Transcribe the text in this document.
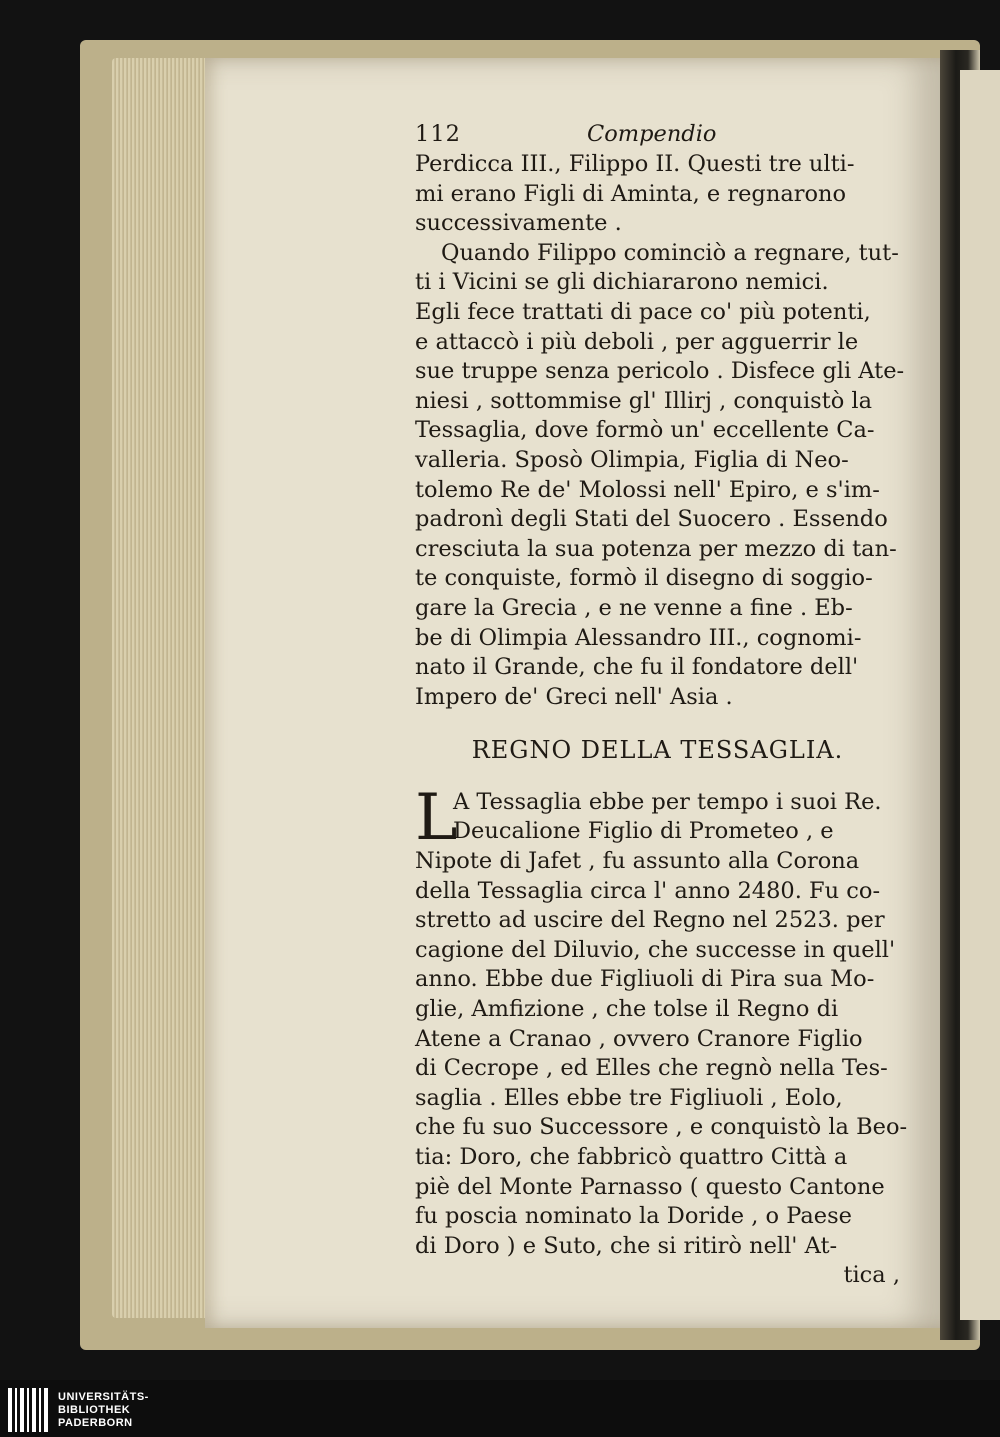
112	Compendio
Perdicca III., Filippo II. Questi tre ulti-
mi erano Figli di Aminta, e regnarono
successivamente .
Quando Filippo cominciò a regnare, tut-
ti i Vicini se gli dichiararono nemici.
Egli fece trattati di pace co' più potenti,
e attaccò i più deboli , per agguerrir le
sue truppe senza pericolo . Disfece gli Ate-
niesi , sottommise gl' Illirj , conquistò la
Tessaglia, dove formò un' eccellente Ca-
valleria. Sposò Olimpia, Figlia di Neo-
tolemo Re de' Molossi nell' Epiro, e s'im-
padronì degli Stati del Suocero . Essendo
cresciuta la sua potenza per mezzo di tan-
te conquiste, formò il disegno di soggio-
gare la Grecia , e ne venne a fine . Eb-
be di Olimpia Alessandro III., cognomi-
nato il Grande, che fu il fondatore dell'
Impero de' Greci nell' Asia .
REGNO DELLA TESSAGLIA.
L
A Tessaglia ebbe per tempo i suoi Re.
Deucalione Figlio di Prometeo , e
Nipote di Jafet , fu assunto alla Corona
della Tessaglia circa l' anno 2480. Fu co-
stretto ad uscire del Regno nel 2523. per
cagione del Diluvio, che successe in quell'
anno. Ebbe due Figliuoli di Pira sua Mo-
glie, Amfizione , che tolse il Regno di
Atene a Cranao , ovvero Cranore Figlio
di Cecrope , ed Elles che regnò nella Tes-
saglia . Elles ebbe tre Figliuoli , Eolo,
che fu suo Successore , e conquistò la Beo-
tia: Doro, che fabbricò quattro Città a
piè del Monte Parnasso ( questo Cantone
fu poscia nominato la Doride , o Paese
di Doro ) e Suto, che si ritirò nell' At-
tica ,
UNIVERSITÄTS-
BIBLIOTHEK
PADERBORN
